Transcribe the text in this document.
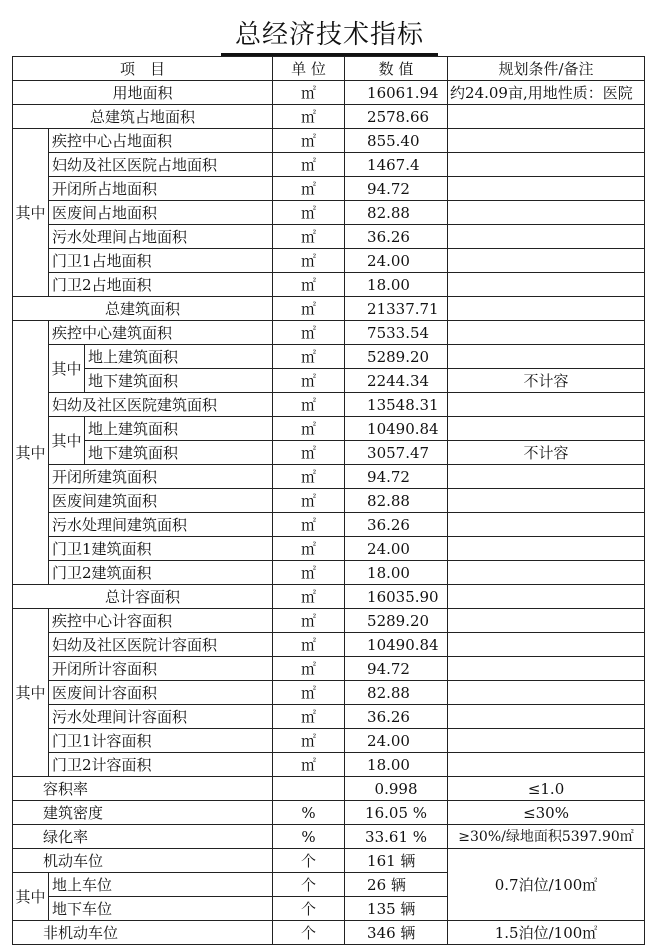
总经济技术指标
项　目			单 位	数 值	规划条件/备注
用地面积			㎡	16061.94	约24.09亩,用地性质：医院
总建筑占地面积			㎡	2578.66	
其中	疾控中心占地面积		㎡	855.40	
	妇幼及社区医院占地面积		㎡	1467.4	
	开闭所占地面积		㎡	94.72	
	医废间占地面积		㎡	82.88	
	污水处理间占地面积		㎡	36.26	
	门卫1占地面积		㎡	24.00	
	门卫2占地面积		㎡	18.00	
总建筑面积			㎡	21337.71	
其中	疾控中心建筑面积		㎡	7533.54	
	其中	地上建筑面积	㎡	5289.20	
		地下建筑面积	㎡	2244.34	不计容
	妇幼及社区医院建筑面积		㎡	13548.31	
	其中	地上建筑面积	㎡	10490.84	
		地下建筑面积	㎡	3057.47	不计容
	开闭所建筑面积		㎡	94.72	
	医废间建筑面积		㎡	82.88	
	污水处理间建筑面积		㎡	36.26	
	门卫1建筑面积		㎡	24.00	
	门卫2建筑面积		㎡	18.00	
总计容面积			㎡	16035.90	
其中	疾控中心计容面积		㎡	5289.20	
	妇幼及社区医院计容面积		㎡	10490.84	
	开闭所计容面积		㎡	94.72	
	医废间计容面积		㎡	82.88	
	污水处理间计容面积		㎡	36.26	
	门卫1计容面积		㎡	24.00	
	门卫2计容面积		㎡	18.00	
容积率				0.998	≤1.0
建筑密度			%	16.05 %	≤30%
绿化率			%	33.61 %	≥30%/绿地面积5397.90㎡
机动车位			个	161 辆	0.7泊位/100㎡
其中	地上车位		个	26 辆	
	地下车位		个	135 辆	
非机动车位			个	346 辆	1.5泊位/100㎡
